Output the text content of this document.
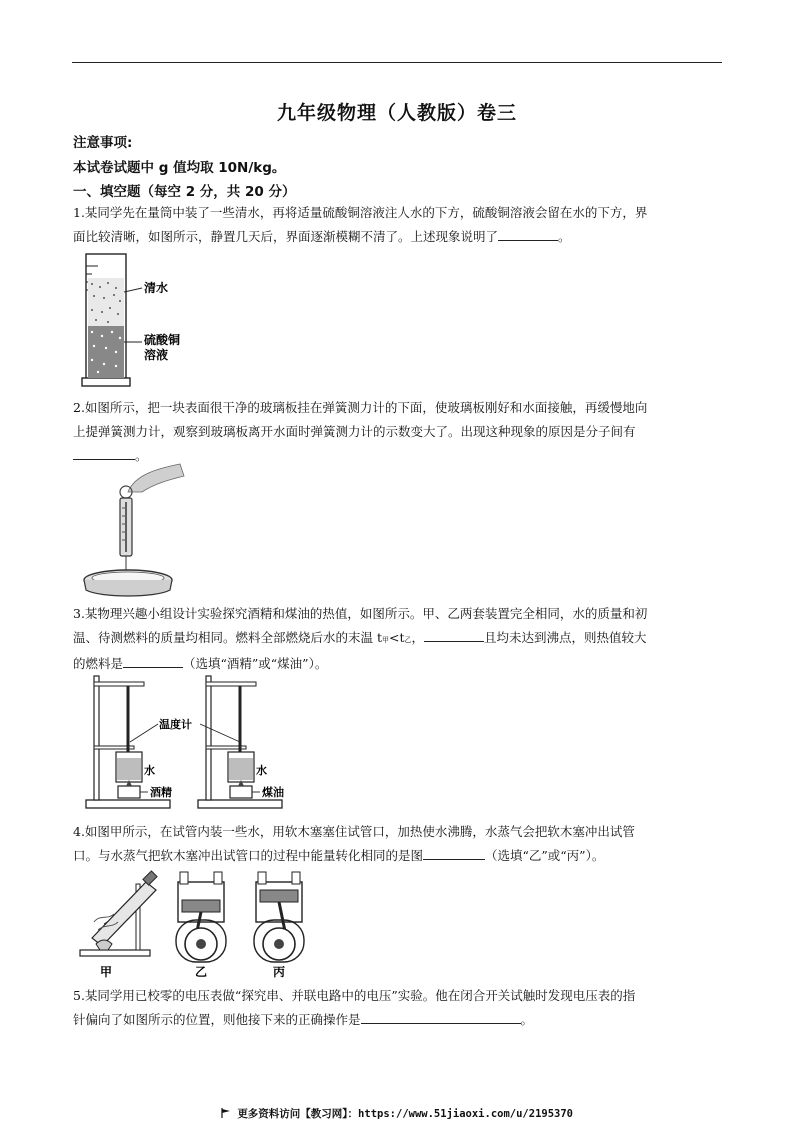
九年级物理（人教版）卷三
注意事项:
本试卷试题中 g 值均取 10N/kg。
一、填空题（每空 2 分，共 20 分）
1.某同学先在量筒中装了一些清水，再将适量硫酸铜溶液注人水的下方，硫酸铜溶液会留在水的下方，界
面比较清晰，如图所示，静置几天后，界面逐渐模糊不清了。上述现象说明了	。
清水
硫酸铜
溶液
2.如图所示，把一块表面很干净的玻璃板挂在弹簧测力计的下面，使玻璃板刚好和水面接触，再缓慢地向
上提弹簧测力计，观察到玻璃板离开水面时弹簧测力计的示数变大了。出现这种现象的原因是分子间有
。
3.某物理兴趣小组设计实验探究酒精和煤油的热值，如图所示。甲、乙两套装置完全相同，水的质量和初
温、待测燃料的质量均相同。燃料全部燃烧后水的末温 t甲<t乙，	且均未达到沸点，则热值较大
的燃料是	（选填“酒精”或“煤油”）。
温度计
水	水
酒精	煤油
4.如图甲所示，在试管内装一些水，用软木塞塞住试管口，加热使水沸腾，水蒸气会把软木塞冲出试管
口。与水蒸气把软木塞冲出试管口的过程中能量转化相同的是图	（选填“乙”或“丙”）。
甲	乙	丙
5.某同学用已校零的电压表做“探究串、并联电路中的电压”实验。他在闭合开关试触时发现电压表的指
针偏向了如图所示的位置，则他接下来的正确操作是	。
更多资料访问【教习网】：https://www.51jiaoxi.com/u/2195370
